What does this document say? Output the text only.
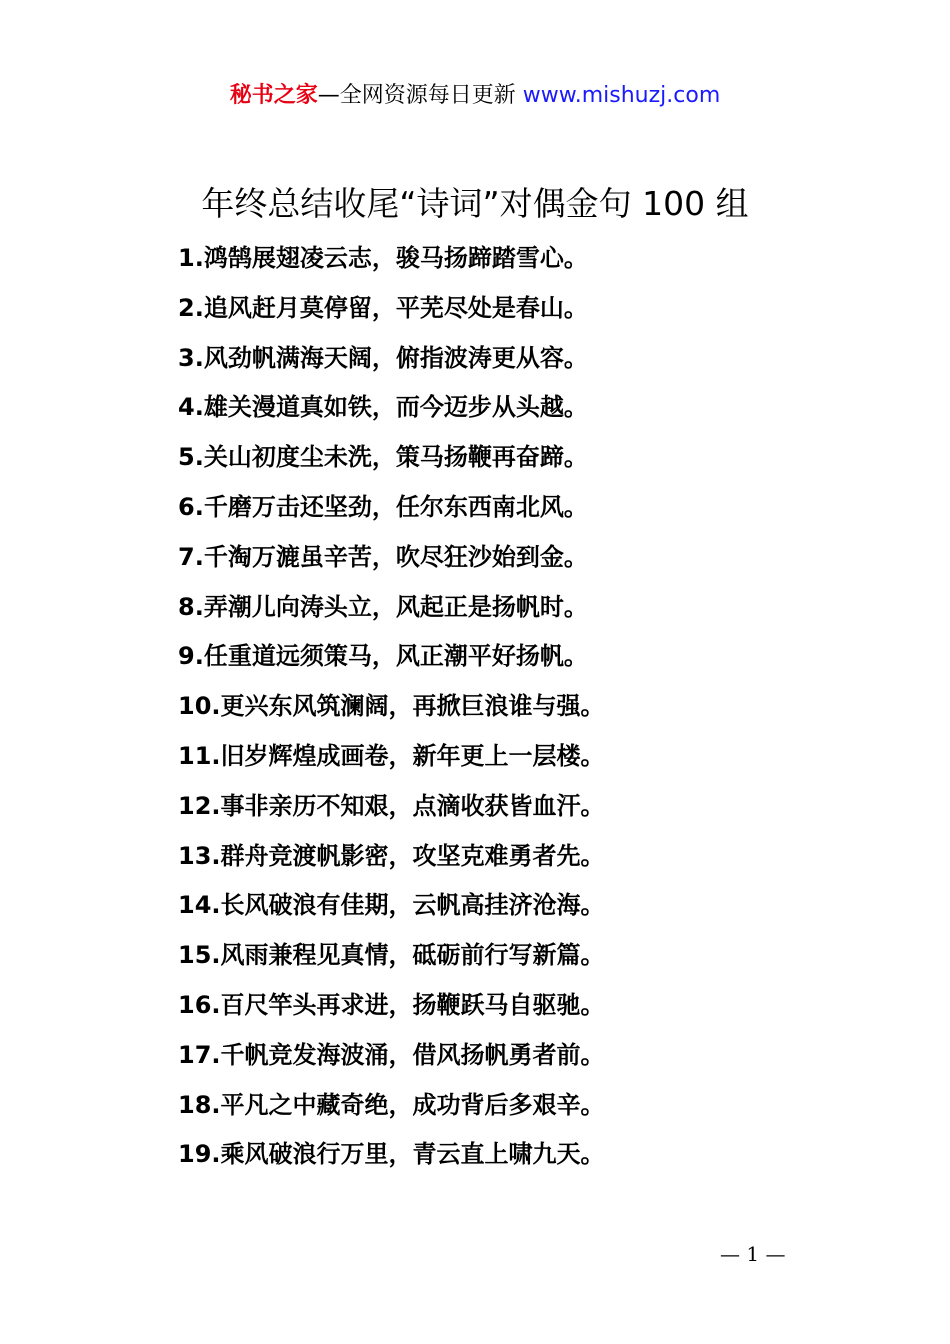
秘书之家—全网资源每日更新 www.mishuzj.com
年终总结收尾“诗词”对偶金句 100 组
1.鸿鹄展翅凌云志，骏马扬蹄踏雪心。
2.追风赶月莫停留，平芜尽处是春山。
3.风劲帆满海天阔，俯指波涛更从容。
4.雄关漫道真如铁，而今迈步从头越。
5.关山初度尘未洗，策马扬鞭再奋蹄。
6.千磨万击还坚劲，任尔东西南北风。
7.千淘万漉虽辛苦，吹尽狂沙始到金。
8.弄潮儿向涛头立，风起正是扬帆时。
9.任重道远须策马，风正潮平好扬帆。
10.更兴东风筑澜阔，再掀巨浪谁与强。
11.旧岁辉煌成画卷，新年更上一层楼。
12.事非亲历不知艰，点滴收获皆血汗。
13.群舟竞渡帆影密，攻坚克难勇者先。
14.长风破浪有佳期，云帆高挂济沧海。
15.风雨兼程见真情，砥砺前行写新篇。
16.百尺竿头再求进，扬鞭跃马自驱驰。
17.千帆竞发海波涌，借风扬帆勇者前。
18.平凡之中藏奇绝，成功背后多艰辛。
19.乘风破浪行万里，青云直上啸九天。
— 1 —
